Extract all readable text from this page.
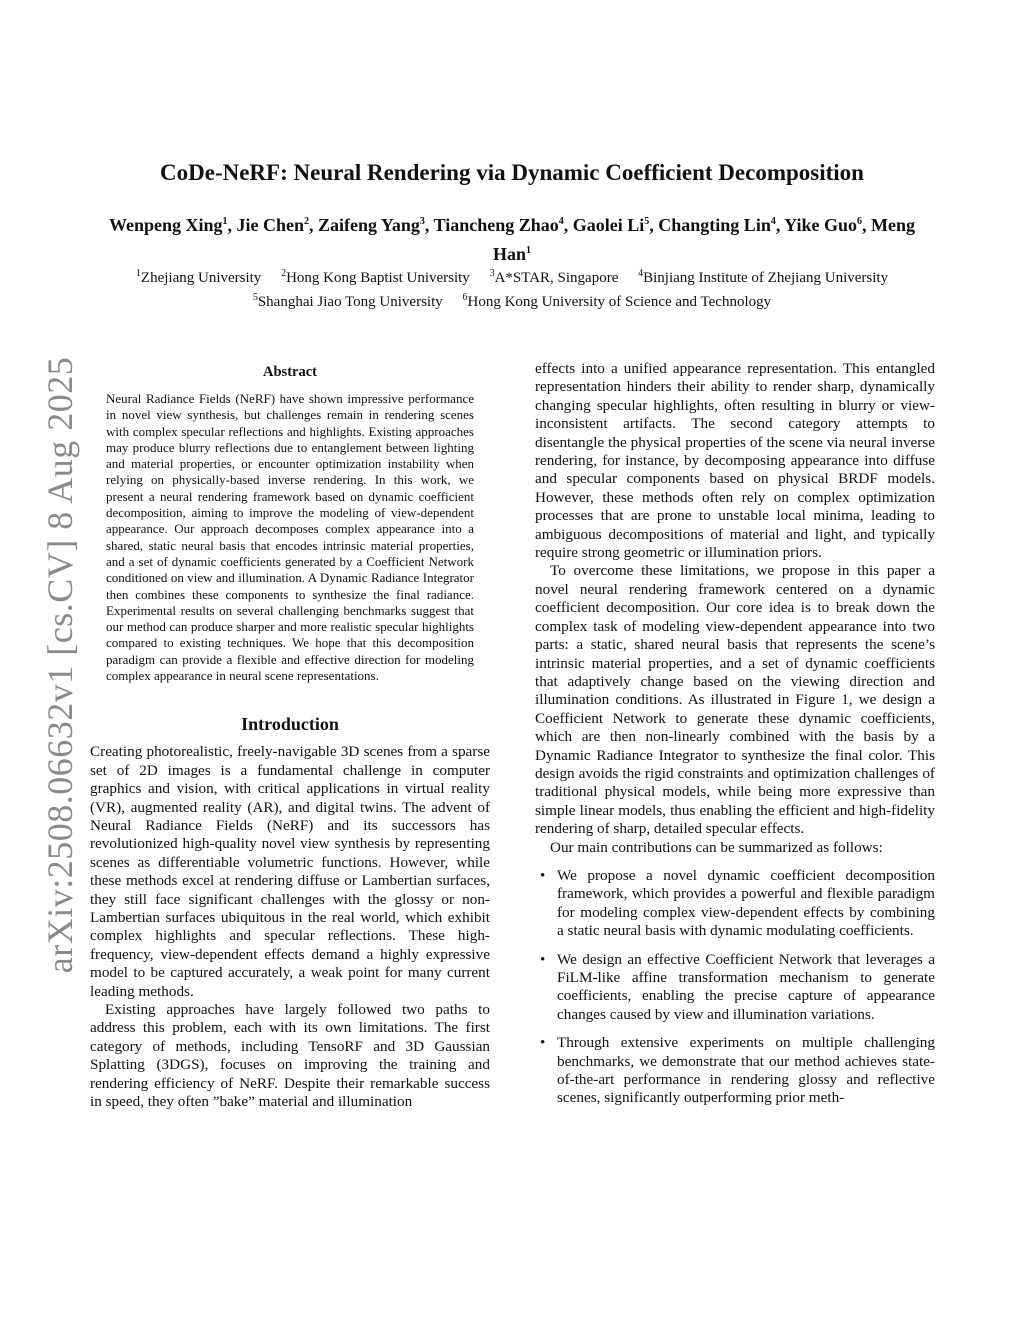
arXiv:2508.06632v1 [cs.CV] 8 Aug 2025
CoDe-NeRF: Neural Rendering via Dynamic Coefficient Decomposition
Wenpeng Xing$^1$, Jie Chen$^2$, Zaifeng Yang$^3$, Tiancheng Zhao$^4$, Gaolei Li$^5$, Changting Lin$^4$, Yike Guo$^6$, Meng Han$^1$
$^1$Zhejiang University $^2$Hong Kong Baptist University $^3$A*STAR, Singapore $^4$Binjiang Institute of Zhejiang University
$^5$Shanghai Jiao Tong University $^6$Hong Kong University of Science and Technology
Abstract
Neural Radiance Fields (NeRF) have shown impressive performance in novel view synthesis, but challenges remain in rendering scenes with complex specular reflections and highlights. Existing approaches may produce blurry reflections due to entanglement between lighting and material properties, or encounter optimization instability when relying on physically-based inverse rendering. In this work, we present a neural rendering framework based on dynamic coefficient decomposition, aiming to improve the modeling of view-dependent appearance. Our approach decomposes complex appearance into a shared, static neural basis that encodes intrinsic material properties, and a set of dynamic coefficients generated by a Coefficient Network conditioned on view and illumination. A Dynamic Radiance Integrator then combines these components to synthesize the final radiance. Experimental results on several challenging benchmarks suggest that our method can produce sharper and more realistic specular highlights compared to existing techniques. We hope that this decomposition paradigm can provide a flexible and effective direction for modeling complex appearance in neural scene representations.
Introduction

Creating photorealistic, freely-navigable 3D scenes from a sparse set of 2D images is a fundamental challenge in computer graphics and vision, with critical applications in virtual reality (VR), augmented reality (AR), and digital twins. The advent of Neural Radiance Fields (NeRF) and its successors has revolutionized high-quality novel view synthesis by representing scenes as differentiable volumetric functions. However, while these methods excel at rendering diffuse or Lambertian surfaces, they still face significant challenges with the glossy or non-Lambertian surfaces ubiquitous in the real world, which exhibit complex highlights and specular reflections. These high-frequency, view-dependent effects demand a highly expressive model to be captured accurately, a weak point for many current leading methods.

Existing approaches have largely followed two paths to address this problem, each with its own limitations. The first category of methods, including TensoRF and 3D Gaussian Splatting (3DGS), focuses on improving the training and rendering efficiency of NeRF. Despite their remarkable success in speed, they often ”bake” material and illumination

effects into a unified appearance representation. This entangled representation hinders their ability to render sharp, dynamically changing specular highlights, often resulting in blurry or view-inconsistent artifacts. The second category attempts to disentangle the physical properties of the scene via neural inverse rendering, for instance, by decomposing appearance into diffuse and specular components based on physical BRDF models. However, these methods often rely on complex optimization processes that are prone to unstable local minima, leading to ambiguous decompositions of material and light, and typically require strong geometric or illumination priors.

To overcome these limitations, we propose in this paper a novel neural rendering framework centered on a dynamic coefficient decomposition. Our core idea is to break down the complex task of modeling view-dependent appearance into two parts: a static, shared neural basis that represents the scene’s intrinsic material properties, and a set of dynamic coefficients that adaptively change based on the viewing direction and illumination conditions. As illustrated in Figure 1, we design a Coefficient Network to generate these dynamic coefficients, which are then non-linearly combined with the basis by a Dynamic Radiance Integrator to synthesize the final color. This design avoids the rigid constraints and optimization challenges of traditional physical models, while being more expressive than simple linear models, thus enabling the efficient and high-fidelity rendering of sharp, detailed specular effects.

Our main contributions can be summarized as follows:

• We propose a novel dynamic coefficient decomposition framework, which provides a powerful and flexible paradigm for modeling complex view-dependent effects by combining a static neural basis with dynamic modulating coefficients.
• We design an effective Coefficient Network that leverages a FiLM-like affine transformation mechanism to generate coefficients, enabling the precise capture of appearance changes caused by view and illumination variations.
• Through extensive experiments on multiple challenging benchmarks, we demonstrate that our method achieves state-of-the-art performance in rendering glossy and reflective scenes, significantly outperforming prior meth-
